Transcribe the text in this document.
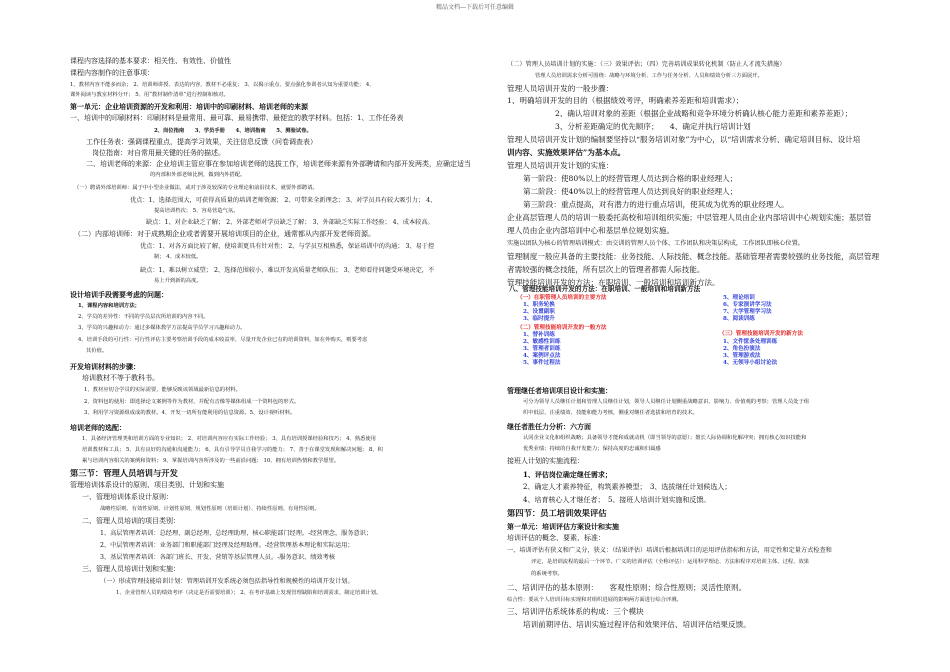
精品文档---下载后可任意编辑
课程内容选择的基本要求：相关性、有效性、价值性
课程内容制作的注意事项：
1、教材内容不能多而杂； 2、培训师讲授、表达的内容，教材不必重复； 3、以揭示重点、要点强化参训者认知为重要功能； 4、
课外阅读与教室材料分开； 5、用“教材制作清单”进行控制和核对。
第一单元：企业培训资源的开发和利用：培训中的印刷材料、培训老师的来源
一、培训中的印刷材料：印刷材料是最常用、最可靠、最易携带、最便宜的教学材料。包括：1、工作任务表
2、岗位指南　　3、学员手册　　4、培训指南　　5、测验试卷。
工作任务表：强调课程重点，提高学习效果，关注信息反馈（问卷调查表）
岗位指南：对自常用最关键的任务的描述。
二、培训老师的来源：企业培训主管应事在参加培训老师的选拔工作，培训老师来源有外部聘请和内部开发两类，应确定适当
的内部和外部老师比例，做到内外搭配。
（一）聘请外部培训师：属于中小型企业做法，或对于涉及较深的专业理论和前沿技术，就要外部聘请。
优点：1、选择范围大，可获得高质量的培训老师资源； 2、可带来全新理念； 3、对学员具有较大吸引力； 4、
提高培训档次； 5、容易营造气氛。
缺点：1、对企业缺乏了解； 2、外部老师对学员缺乏了解； 3、外部缺乏实际工作经验； 4、成本较高。
（二）内部培训师：对于成熟期企业或者需要开展培训项目的企业，通常都从内部开发老师资源。
优点：1、对各方面比较了解，使培训更具有针对性； 2、与学员互相熟悉，保证培训中的沟通； 3、易于控
制； 4、成本较低。
缺点：1、难以树立威望； 2、选择范围较小，难以开发高质量老师队伍； 3、老师看待问题受环境决定，不
易上升到新的高度。
设计培训手段需要考虑的问题：
1、课程内容和培训方法；
2、学员的差异性：不同的学员层次所培训的内容不同。
3、学员的兴趣和动力：通过多媒体教学方法提高学员学习兴趣和动力。
4、培训手段的可行性：可行性评估主要考察培训手段的成本收益率，尽量开发企业已有的培训资料，如在外购买，则要考虑
其价值。
开发培训材料的步骤：
培训教材不等于教科书。
1、教材应切合学员的实际需要，能够反映该领域最新信息的材料。
2、资料包的使用：即选择论文案例等作为教材，并配有音像等媒体组成一个资料包的形式。
3、利用学习资源组成成的教材。4、开发一切所有能利用的信息资源。5、设计视听材料。
培训老师的选配：
1、具备经济管理类和培训方面的专业知识； 2、对培训内容应有实际工作经验； 3、具有培训授课经验和技巧； 4、熟悉使用
培训教材和工具； 5、具有良好的沟通和沟通能力； 6、具有引导学员自我学习的能力； 7、善于在课堂发现和解决问题； 8、积
累与培训内容相关的案例和资料； 9、掌握培训内容所涉及的一些前沿问题； 10、拥有培训热情和教学愿望。
第三节：管理人员培训与开发
管理培训体系设计的原则、项目类别、计划和实施
一、管理培训体系设计原则：
战略性原则、有效性原则、计划性原则、规划性原则（培训计划）、持续性原则、有用性原则。
二、管理人员培训的项目类别：
1、高层管理者培训：总经理、副总经理、总经理助理、核心职能部门经理。-经营理念，服务意识；
2、中层管理者培训：业务部门和职能部门经理及经理助理。-经营管理基本理论和实际运用；
3、基层管理者培训：各部门班长、开发、营销等基层管理人员。-服务意识、绩效考核
三、管理人员培训计划和实施：
（一）形成管理技能培训计划：管理培训开发系统必须包括指导性和规模性的培训开发计划。
1、企业管理人员的绩效考评（决定是否需要培训）； 2、在考评基础上发现管理缺陷和培训需求，制定培训计划。
（二）管理人员培训计划的实施：（三）效果评估；（四）完善培训成果转化机制（防止人才流失措施）
管理人员培训需求分析可围绕：战略与环境分析、工作与任务分析、人员和绩效分析三方面展开。
管理人员培训开发的一般步骤：
1、明确培训开发的目的（根据绩效考评，明确素养差距和培训需求）；
2、确认培训对象的差距（根据企业战略和竞争环境分析确认核心能力差距和素养差距）；
3、分析差距确定的优先顺序；　　4、确定并执行培训计划
管理人员培训开发计划的编制要坚持以“服务培训对象”为中心，以“培训需求分析、确定培训目标、设计培
训内容、实施效果评估”为基本点。
管理人员培训开发计划的实施：
第一阶段：使80%以上的经营管理人员达到合格的职业经理人；
第二阶段：使40%以上的经营管理人员达到良好的职业经理人；
第三阶段：重点提高，对有潜力的进行重点培训，使其成为优秀的职业经理人。
企业高层管理人员的培训一般委托高校和培训组织实施；中层管理人员由企业内部培训中心规划实施；基层管
理人员由企业内部培训中心和基层单位规划实施。
实施以团队为核心的管理培训模式：由交训的管理人员个体、工作团队和决策层构成，工作团队即核心位置。
管理制度一般应具备的主要技能：业务技能、人际技能、概念技能。基础管理者需要较强的业务技能，高层管理
者需较强的概念技能，所有层次上的管理者都需人际技能。
管理技能培训开发的方法：在职培训、一般培训和培训新方法。
管理继任者培训项目设计和实施：
可分为领导人员继任计划和管理人员继任计划，领导人员继任计划侧重战略意识、影响力、价值观的考察；管理人员处于组
织中低层，注重绩效、技能和能力考核，侧重对继任者选拔和培育的技术。
继任者胜任力分析：六方面
认同企业文化和组织战略；具备领导才能和成就动机（即当领导的意愿）；擅长人际协调和化解冲突；拥有核心知识技能和
优秀业绩；持续的自我开发能力；保持高度的忠诚和归属感
接班人计划的实施流程：
1、评估岗位确定继任需求；
2、确定人才素养特征，构筑素养模型；　3、选拔继任计划候选人；
4、培育核心人才继任者；　5、接班人培训计划实施和反馈。
第四节：员工培训效果评估
第一单元：培训评估方案设计和实施
培训评估的概念、要素、标准：
一、培训评估有狭义和广义分，狭义：（结果评估）培训后根据培训目的运用评估指标和方法，用定性和定量方式检查和
评定，是培训流程的最后一个环节。广义的培训评估（全称评估）：运用科学理论、方法和程序对培训主体、过程、效果
的系统考察。
二、培训评估的基本原则：　　客观性原则；综合性原则；灵活性原则。
综合性：要从个人培训目标实现和对组织进展的影响两方面进行综合评测。
三、培训评估系统体系的构成：三个模块
培训前期评估、培训实施过程评估和效果评估、培训评估结果反馈。
八、管理技能培训开发的方法：在职培训、一般培训和培训新方法
（一）在职管理人员培训的主要方法
1、职务轮换
2、设置副职
3、临时提升
（二）管理技能培训开发的一般方法
1、替补训练
2、敏感性训练
3、管理者训练
4、案例评点法
5、事件过程法
5、理论培训
6、专家演讲学习法
7、大学管理学习法
8、阅读训练
（三）管理技能培训开发的新方法
1、文件筐条处理训练
2、角色扮演法
3、管理游戏法
4、无领导小组讨论法
